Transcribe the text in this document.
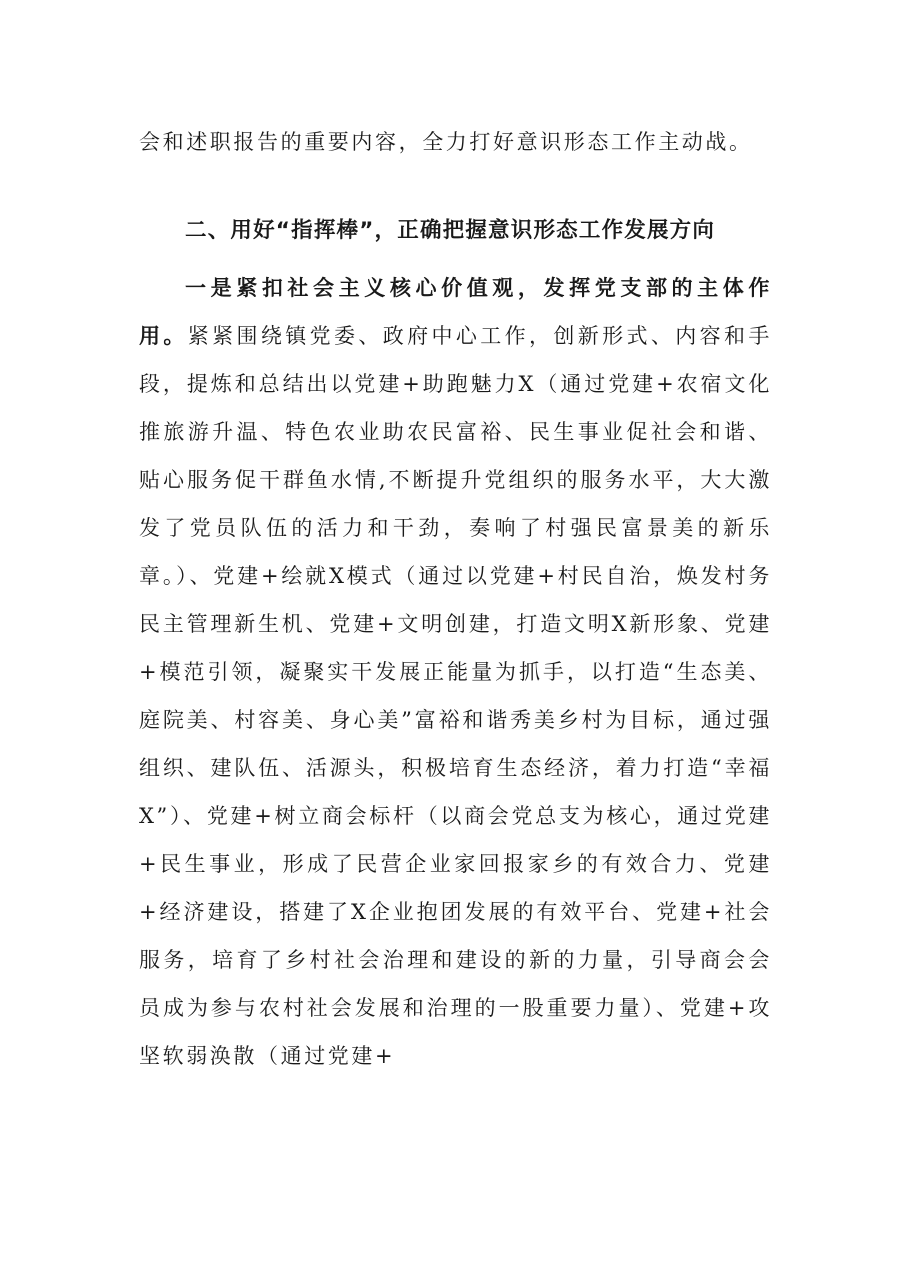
会和述职报告的重要内容，全力打好意识形态工作主动战。

二、用好“指挥棒”，正确把握意识形态工作发展方向

一是紧扣社会主义核心价值观，发挥党支部的主体作用。紧紧围绕镇党委、政府中心工作，创新形式、内容和手段，提炼和总结出以党建+助跑魅力X（通过党建+农宿文化推旅游升温、特色农业助农民富裕、民生事业促社会和谐、贴心服务促干群鱼水情,不断提升党组织的服务水平，大大激发了党员队伍的活力和干劲，奏响了村强民富景美的新乐章。）、党建+绘就X模式（通过以党建+村民自治，焕发村务民主管理新生机、党建+文明创建，打造文明X新形象、党建+模范引领，凝聚实干发展正能量为抓手，以打造“生态美、庭院美、村容美、身心美”富裕和谐秀美乡村为目标，通过强组织、建队伍、活源头，积极培育生态经济，着力打造“幸福X”）、党建+树立商会标杆（以商会党总支为核心，通过党建+民生事业，形成了民营企业家回报家乡的有效合力、党建+经济建设，搭建了X企业抱团发展的有效平台、党建+社会服务，培育了乡村社会治理和建设的新的力量，引导商会会员成为参与农村社会发展和治理的一股重要力量）、党建+攻坚软弱涣散（通过党建+
